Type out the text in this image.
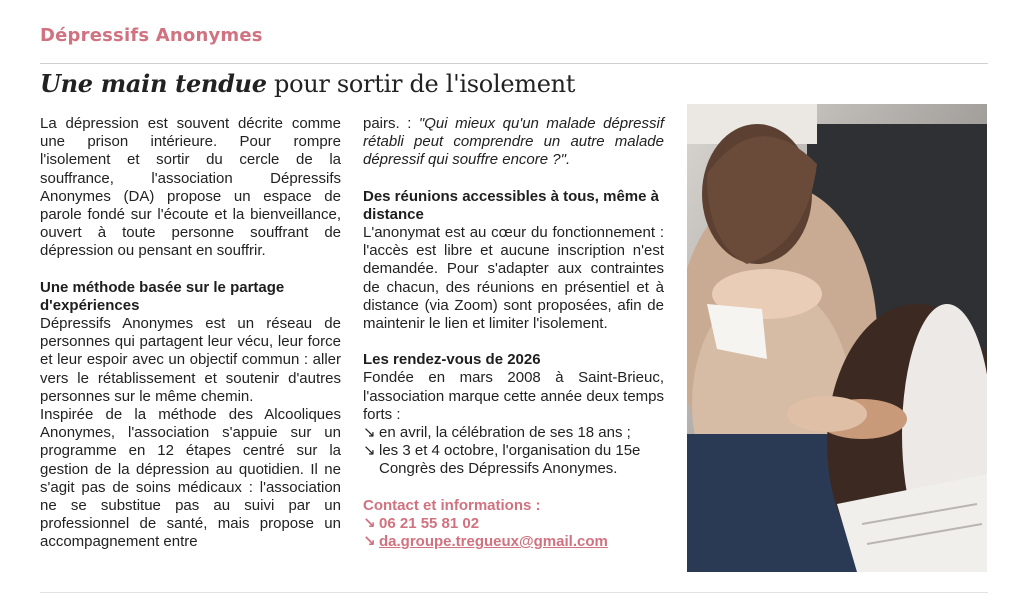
Dépressifs Anonymes
Une main tendue pour sortir de l'isolement

La dépression est souvent décrite comme une prison intérieure. Pour rompre l'isolement et sortir du cercle de la souffrance, l'association Dépressifs Anonymes (DA) propose un espace de parole fondé sur l'écoute et la bienveillance, ouvert à toute personne souffrant de dépression ou pensant en souffrir.

Une méthode basée sur le partage d'expériences

Dépressifs Anonymes est un réseau de personnes qui partagent leur vécu, leur force et leur espoir avec un objectif commun : aller vers le rétablissement et soutenir d'autres personnes sur le même chemin.

Inspirée de la méthode des Alcooliques Anonymes, l'association s'appuie sur un programme en 12 étapes centré sur la gestion de la dépression au quotidien. Il ne s'agit pas de soins médicaux : l'association ne se substitue pas au suivi par un professionnel de santé, mais propose un accompagnement entre

pairs. : "Qui mieux qu'un malade dépressif rétabli peut comprendre un autre malade dépressif qui souffre encore ?".

Des réunions accessibles à tous, même à distance

L'anonymat est au cœur du fonctionnement : l'accès est libre et aucune inscription n'est demandée. Pour s'adapter aux contraintes de chacun, des réunions en présentiel et à distance (via Zoom) sont proposées, afin de maintenir le lien et limiter l'isolement.

Les rendez-vous de 2026

Fondée en mars 2008 à Saint-Brieuc, l'association marque cette année deux temps forts :

↘ en avril, la célébration de ses 18 ans ;

↘ les 3 et 4 octobre, l'organisation du 15e Congrès des Dépressifs Anonymes.

Contact et informations :

↘ 06 21 55 81 02

↘ da.groupe.tregueux@gmail.com
